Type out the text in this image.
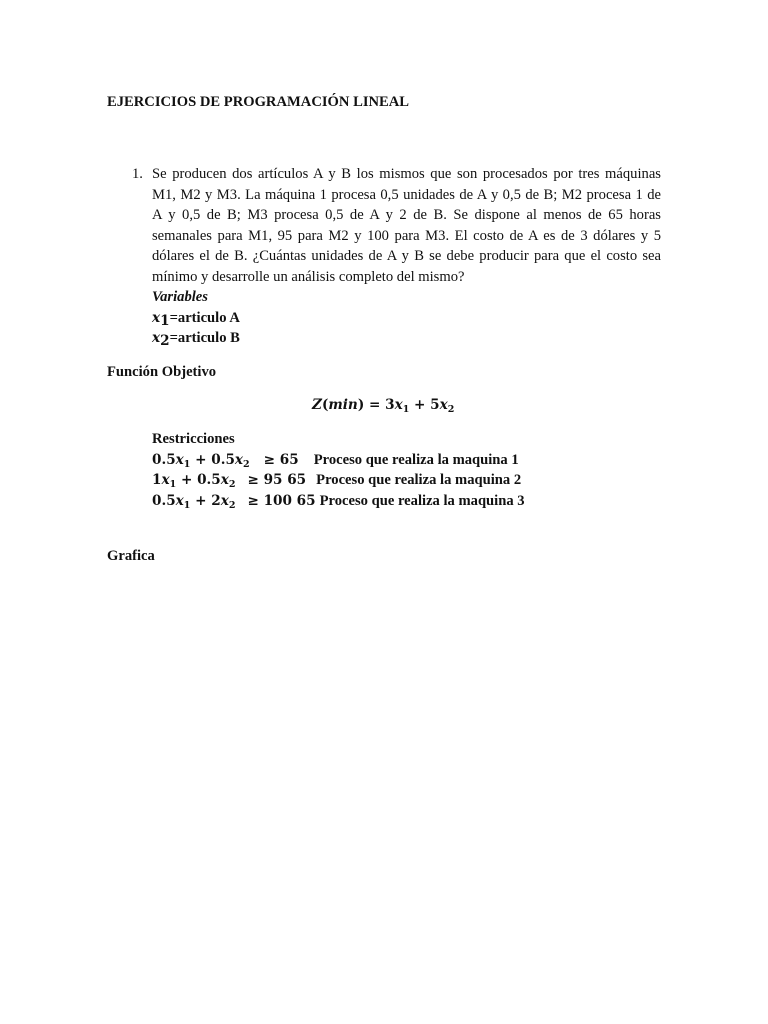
EJERCICIOS DE PROGRAMACIÓN LINEAL
1. Se producen dos artículos A y B los mismos que son procesados por tres máquinas
M1, M2 y M3. La máquina 1 procesa 0,5 unidades de A y 0,5 de B; M2 procesa 1 de
A y 0,5 de B; M3 procesa 0,5 de A y 2 de B. Se dispone al menos de 65 horas
semanales para M1, 95 para M2 y 100 para M3. El costo de A es de 3 dólares y 5
dólares el de B. ¿Cuántas unidades de A y B se debe producir para que el costo sea
mínimo y desarrolle un análisis completo del mismo?
Variables
$x_1=articulo$ A
$x_2=articulo$ B
Función Objetivo
$Z(\min) = 3x_1 + 5x_2$
Restricciones
$0.5x_1 + 0.5x_2 \ge 65$ Proceso que realiza la maquina 1
$1x_1 + 0.5x_2 \ge 95$ 65 Proceso que realiza la maquina 2
$0.5x_1 + 2x_2 \ge 100$ 65 Proceso que realiza la maquina 3
Grafica
